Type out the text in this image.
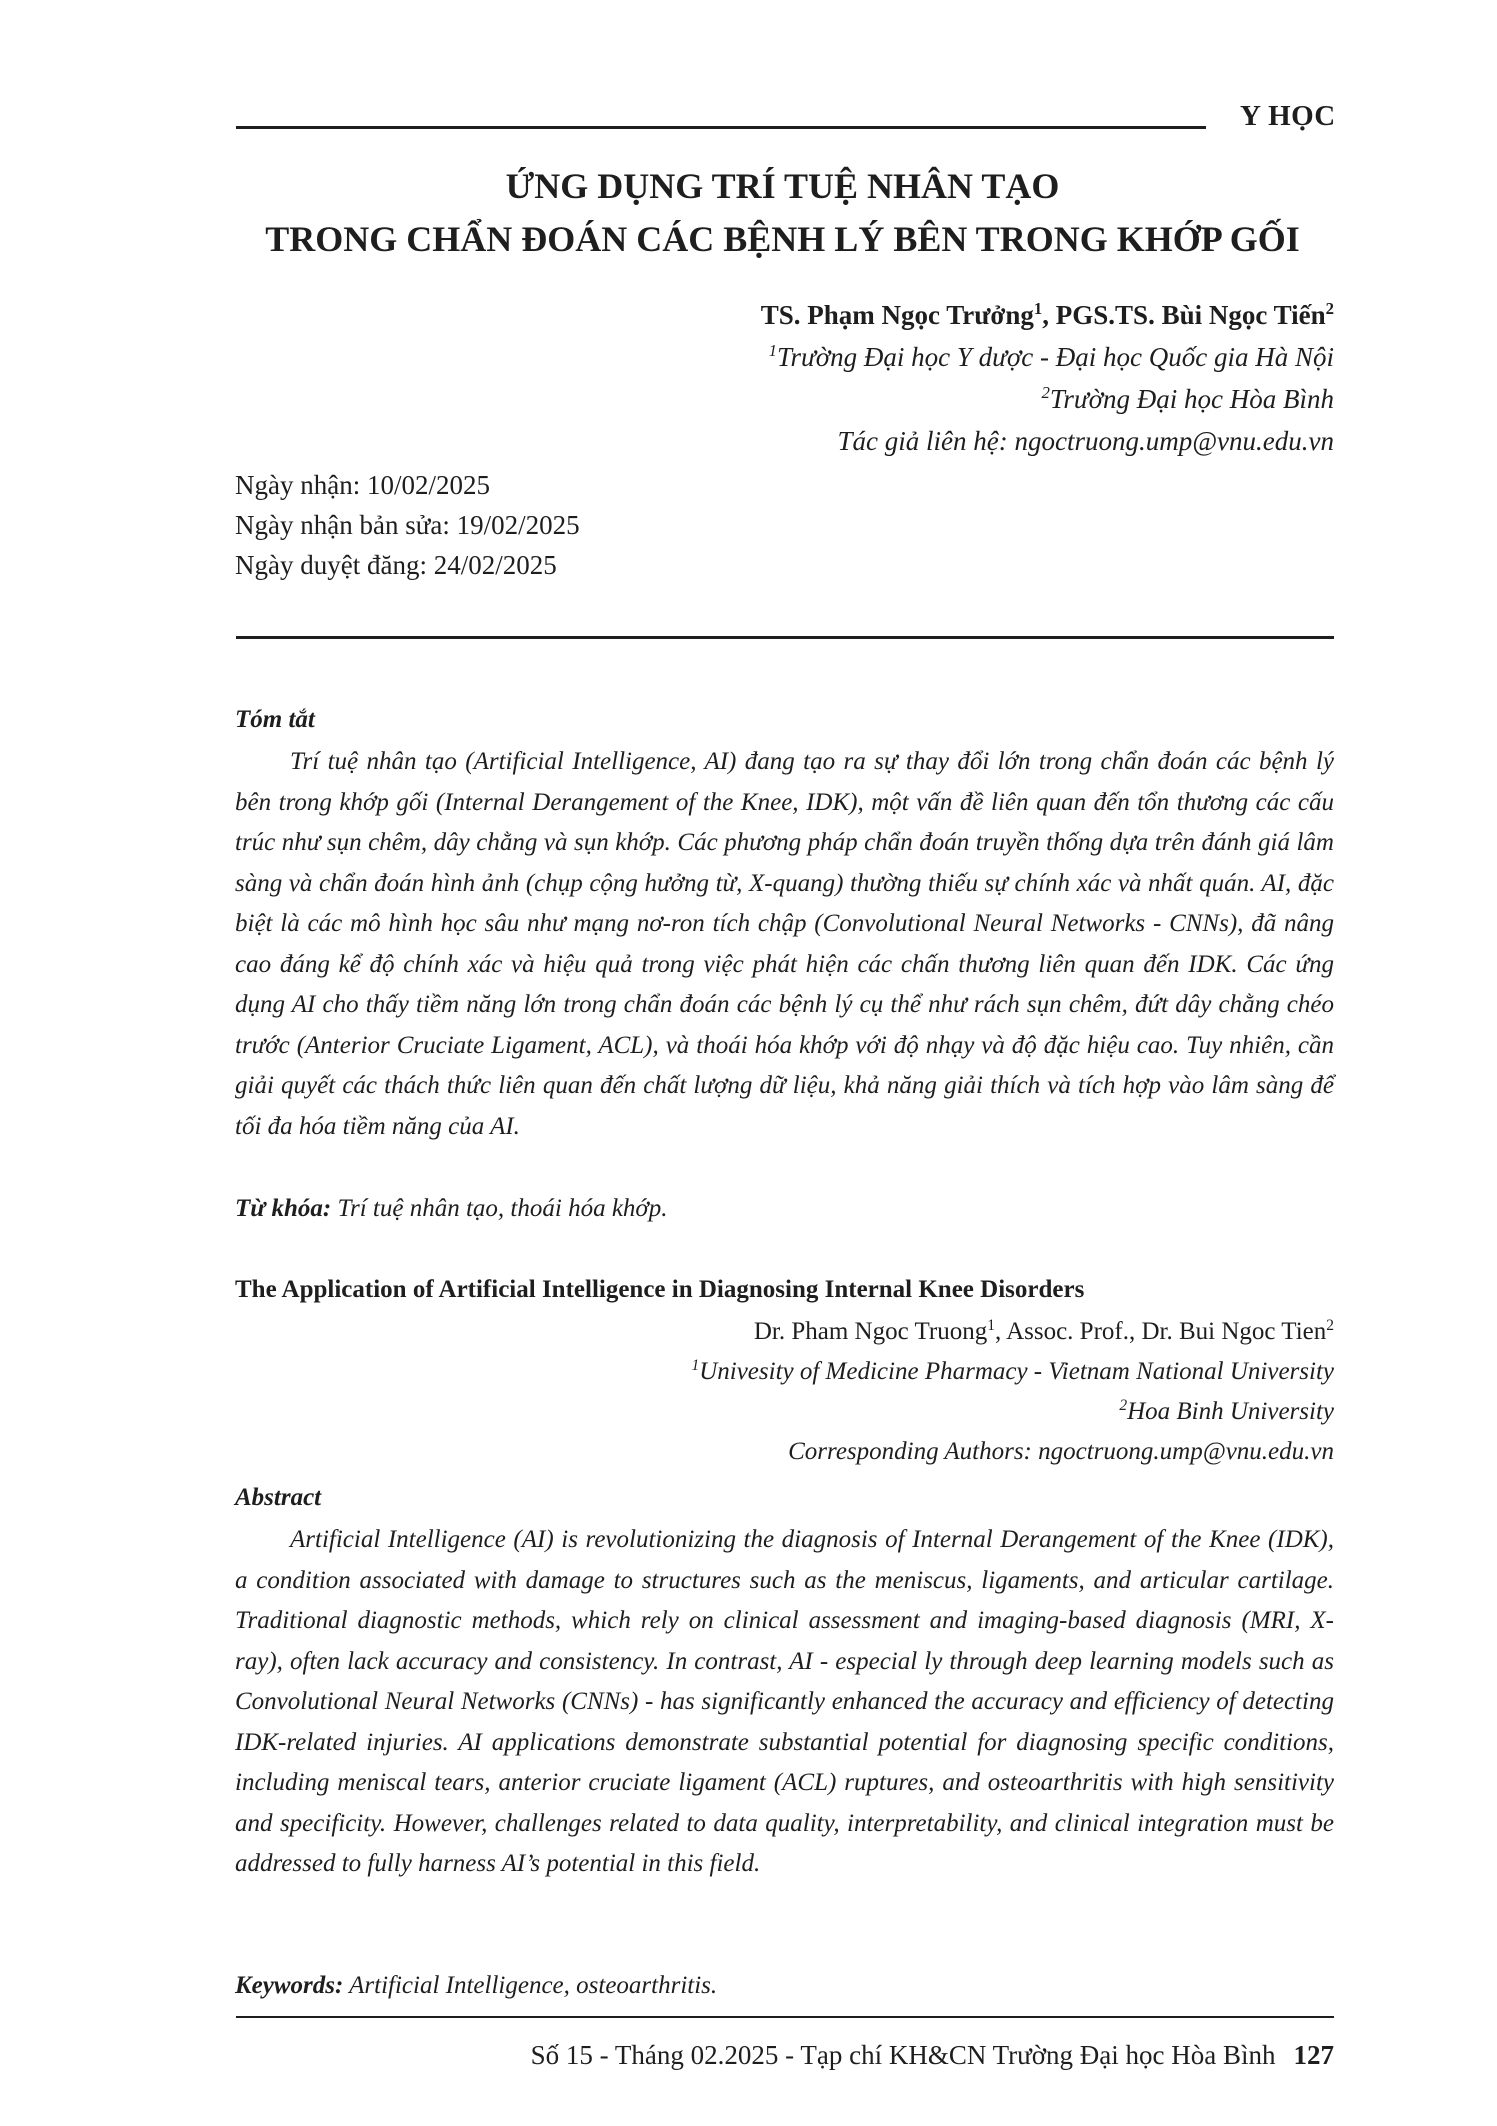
Y HỌC
ỨNG DỤNG TRÍ TUỆ NHÂN TẠO
TRONG CHẨN ĐOÁN CÁC BỆNH LÝ BÊN TRONG KHỚP GỐI
TS. Phạm Ngọc Trưởng$^1$, PGS.TS. Bùi Ngọc Tiến$^2$
$^1$Trường Đại học Y dược - Đại học Quốc gia Hà Nội
$^2$Trường Đại học Hòa Bình
Tác giả liên hệ: ngoctruong.ump@vnu.edu.vn
Ngày nhận: 10/02/2025
Ngày nhận bản sửa: 19/02/2025
Ngày duyệt đăng: 24/02/2025
Tóm tắt

Trí tuệ nhân tạo (Artificial Intelligence, AI) đang tạo ra sự thay đổi lớn trong chẩn đoán các bệnh lý bên trong khớp gối (Internal Derangement of the Knee, IDK), một vấn đề liên quan đến tổn thương các cấu trúc như sụn chêm, dây chằng và sụn khớp. Các phương pháp chẩn đoán truyền thống dựa trên đánh giá lâm sàng và chẩn đoán hình ảnh (chụp cộng hưởng từ, X-quang) thường thiếu sự chính xác và nhất quán. AI, đặc biệt là các mô hình học sâu như mạng nơ-ron tích chập (Convolutional Neural Networks - CNNs), đã nâng cao đáng kể độ chính xác và hiệu quả trong việc phát hiện các chấn thương liên quan đến IDK. Các ứng dụng AI cho thấy tiềm năng lớn trong chẩn đoán các bệnh lý cụ thể như rách sụn chêm, đứt dây chằng chéo trước (Anterior Cruciate Ligament, ACL), và thoái hóa khớp với độ nhạy và độ đặc hiệu cao. Tuy nhiên, cần giải quyết các thách thức liên quan đến chất lượng dữ liệu, khả năng giải thích và tích hợp vào lâm sàng để tối đa hóa tiềm năng của AI.

Từ khóa: Trí tuệ nhân tạo, thoái hóa khớp.
The Application of Artificial Intelligence in Diagnosing Internal Knee Disorders
Dr. Pham Ngoc Truong$^1$, Assoc. Prof., Dr. Bui Ngoc Tien$^2$
$^1$Univesity of Medicine Pharmacy - Vietnam National University
$^2$Hoa Binh University
Corresponding Authors: ngoctruong.ump@vnu.edu.vn
Abstract

Artificial Intelligence (AI) is revolutionizing the diagnosis of Internal Derangement of the Knee (IDK), a condition associated with damage to structures such as the meniscus, ligaments, and articular cartilage. Traditional diagnostic methods, which rely on clinical assessment and imaging-based diagnosis (MRI, X-ray), often lack accuracy and consistency. In contrast, AI - especial ly through deep learning models such as Convolutional Neural Networks (CNNs) - has significantly enhanced the accuracy and efficiency of detecting IDK-related injuries. AI applications demonstrate substantial potential for diagnosing specific conditions, including meniscal tears, anterior cruciate ligament (ACL) ruptures, and osteoarthritis with high sensitivity and specificity. However, challenges related to data quality, interpretability, and clinical integration must be addressed to fully harness AI’s potential in this field.

Keywords: Artificial Intelligence, osteoarthritis.
Số 15 - Tháng 02.2025 - Tạp chí KH&CN Trường Đại học Hòa Bình 127
